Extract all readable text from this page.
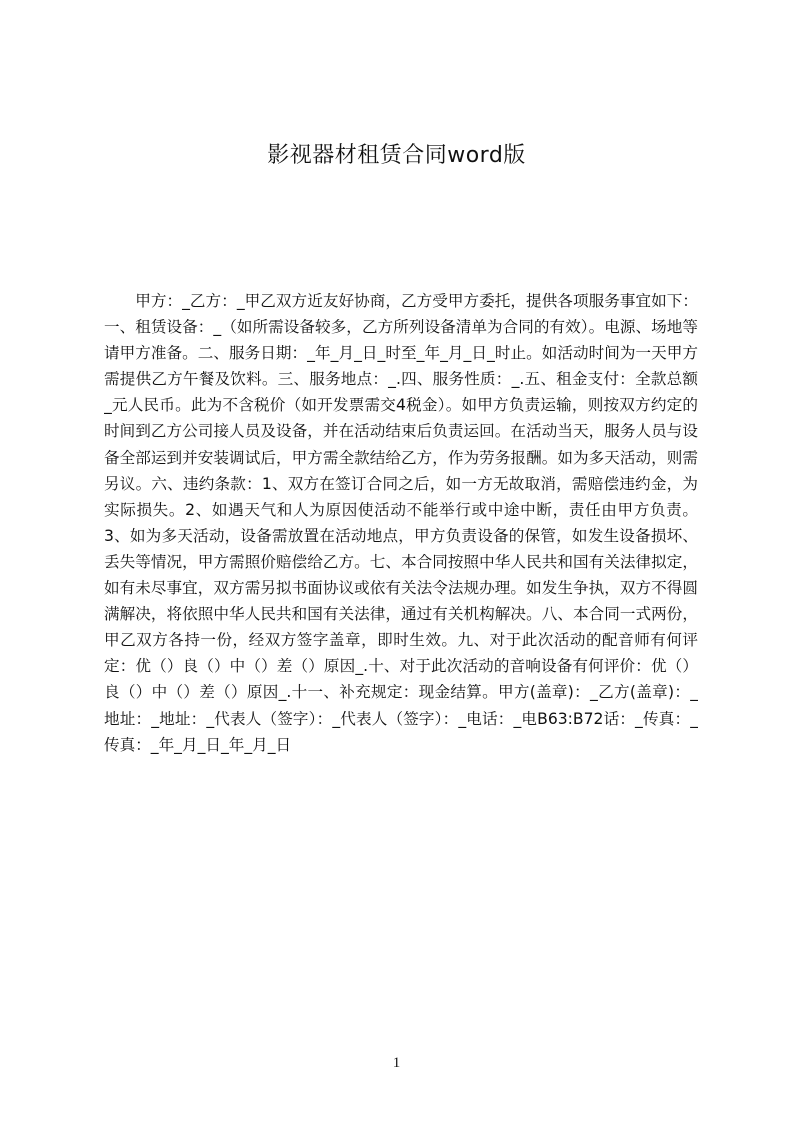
影视器材租赁合同word版

甲方：_乙方：_甲乙双方近友好协商，乙方受甲方委托，提供各项服务事宜如下：一、租赁设备：_（如所需设备较多，乙方所列设备清单为合同的有效）。电源、场地等请甲方准备。二、服务日期：_年_月_日_时至_年_月_日_时止。如活动时间为一天甲方需提供乙方午餐及饮料。三、服务地点：_.四、服务性质：_.五、租金支付：全款总额_元人民币。此为不含税价（如开发票需交4税金）。如甲方负责运输，则按双方约定的时间到乙方公司接人员及设备，并在活动结束后负责运回。在活动当天，服务人员与设备全部运到并安装调试后，甲方需全款结给乙方，作为劳务报酬。如为多天活动，则需另议。六、违约条款：1、双方在签订合同之后，如一方无故取消，需赔偿违约金，为实际损失。2、如遇天气和人为原因使活动不能举行或中途中断，责任由甲方负责。3、如为多天活动，设备需放置在活动地点，甲方负责设备的保管，如发生设备损坏、丢失等情况，甲方需照价赔偿给乙方。七、本合同按照中华人民共和国有关法律拟定，如有未尽事宜，双方需另拟书面协议或依有关法令法规办理。如发生争执，双方不得圆满解决，将依照中华人民共和国有关法律，通过有关机构解决。八、本合同一式两份，甲乙双方各持一份，经双方签字盖章，即时生效。九、对于此次活动的配音师有何评定：优（）良（）中（）差（）原因_.十、对于此次活动的音响设备有何评价：优（）良（）中（）差（）原因_.十一、补充规定：现金结算。甲方(盖章)：_乙方(盖章)：_地址：_地址：_代表人（签字）：_代表人（签字）：_电话：_电B63:B72话：_传真：_传真：_年_月_日_年_月_日

1
